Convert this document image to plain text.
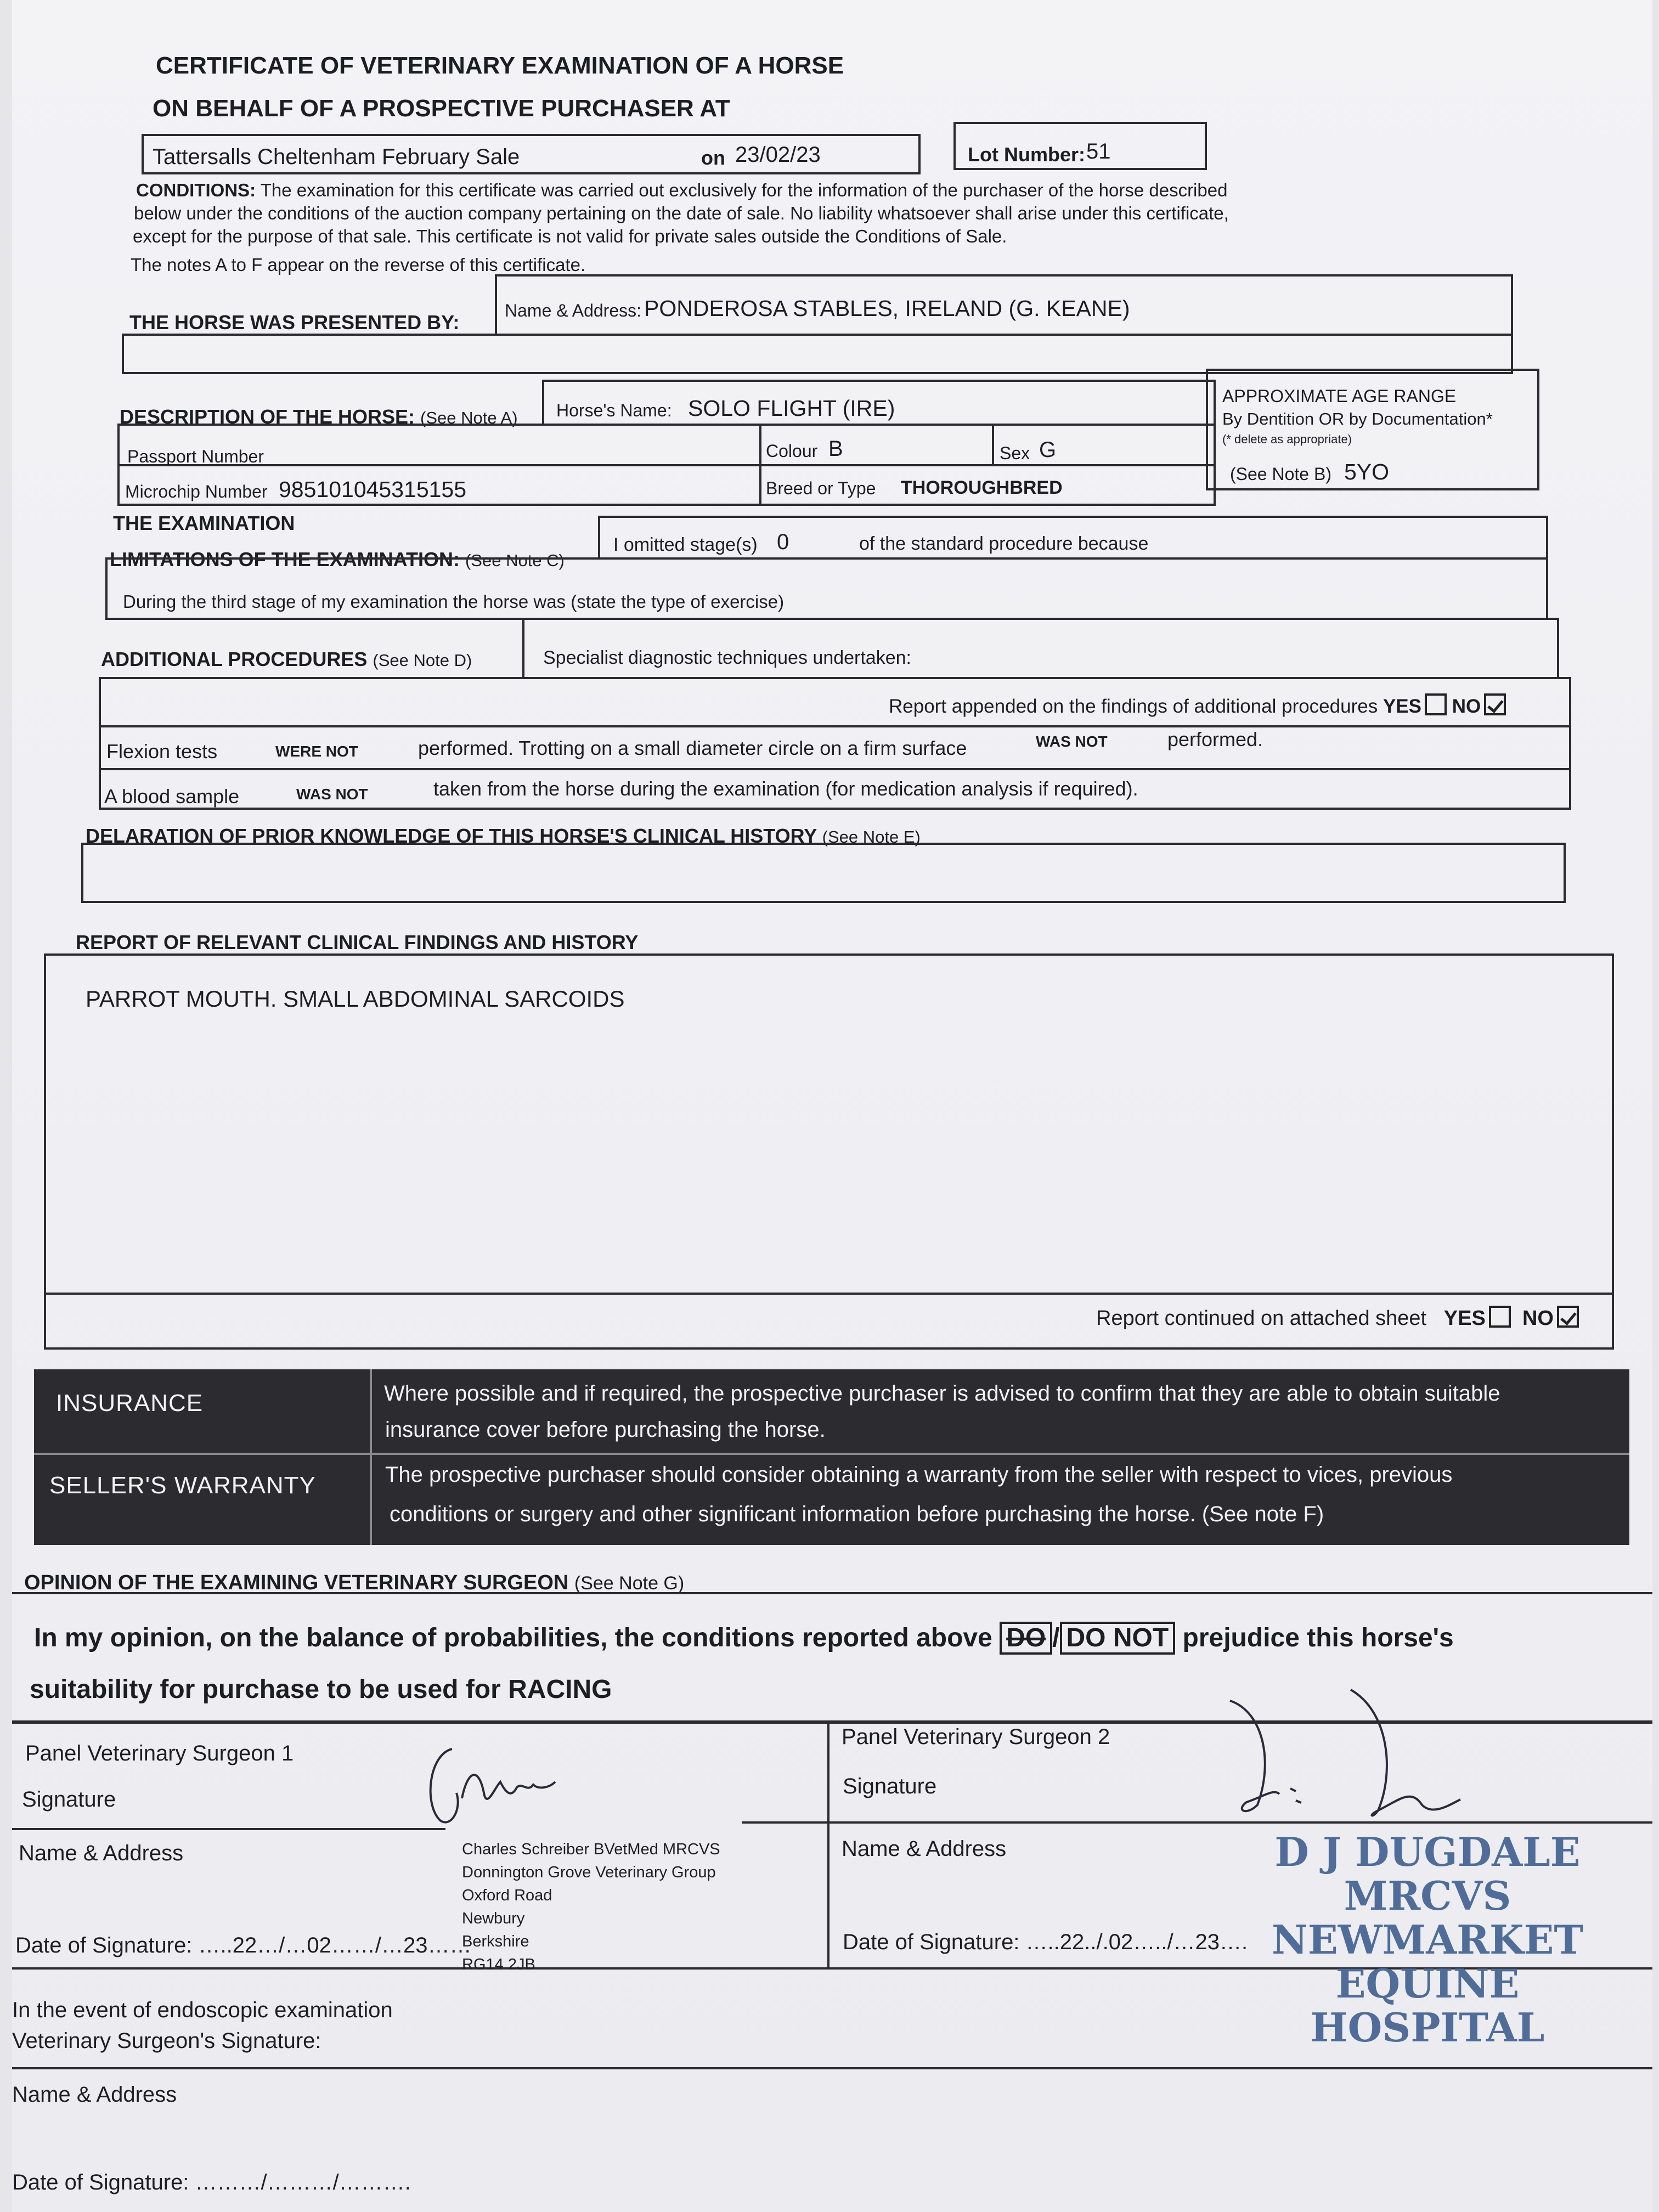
CERTIFICATE OF VETERINARY EXAMINATION OF A HORSE
ON BEHALF OF A PROSPECTIVE PURCHASER AT
Tattersalls Cheltenham February Sale	on 23/02/23	Lot Number: 51
CONDITIONS: The examination for this certificate was carried out exclusively for the information of the purchaser of the horse described
below under the conditions of the auction company pertaining on the date of sale. No liability whatsoever shall arise under this certificate,
except for the purpose of that sale. This certificate is not valid for private sales outside the Conditions of Sale.
The notes A to F appear on the reverse of this certificate.
THE HORSE WAS PRESENTED BY:
Name & Address: PONDEROSA STABLES, IRELAND (G. KEANE)
DESCRIPTION OF THE HORSE: (See Note A) Horse's Name: SOLO FLIGHT (IRE)
Passport Number	Colour B	Sex G
Microchip Number 985101045315155	Breed or Type THOROUGHBRED
APPROXIMATE AGE RANGE
By Dentition OR by Documentation*
(* delete as appropriate)
(See Note B) 5YO
THE EXAMINATION
LIMITATIONS OF THE EXAMINATION: (See Note C)
I omitted stage(s) 0	of the standard procedure because
During the third stage of my examination the horse was (state the type of exercise)
ADDITIONAL PROCEDURES (See Note D)	Specialist diagnostic techniques undertaken:
Report appended on the findings of additional procedures YES NO
Flexion tests	WERE NOT	performed. Trotting on a small diameter circle on a firm surface	WAS NOT	performed.
A blood sample	WAS NOT	taken from the horse during the examination (for medication analysis if required).
DELARATION OF PRIOR KNOWLEDGE OF THIS HORSE'S CLINICAL HISTORY (See Note E)
REPORT OF RELEVANT CLINICAL FINDINGS AND HISTORY
PARROT MOUTH. SMALL ABDOMINAL SARCOIDS
Report continued on attached sheet YES NO
INSURANCE	Where possible and if required, the prospective purchaser is advised to confirm that they are able to obtain suitable
insurance cover before purchasing the horse.
SELLER'S WARRANTY	The prospective purchaser should consider obtaining a warranty from the seller with respect to vices, previous
conditions or surgery and other significant information before purchasing the horse. (See note F)
OPINION OF THE EXAMINING VETERINARY SURGEON (See Note G)
In my opinion, on the balance of probabilities, the conditions reported above DO / DO NOT prejudice this horse's
suitability for purchase to be used for RACING
Panel Veterinary Surgeon 1
Signature
Name & Address	Charles Schreiber BVetMed MRCVS
Donnington Grove Veterinary Group
Oxford Road
Newbury
Berkshire
RG14 2JB
Date of Signature: …..22…/…02……/…23……
Panel Veterinary Surgeon 2
Signature
Name & Address	D J DUGDALE MRCVS
NEWMARKET
EQUINE HOSPITAL
Date of Signature: …..22../.02…../…23….
In the event of endoscopic examination
Veterinary Surgeon's Signature:
Name & Address
Date of Signature: ………/………/……….
